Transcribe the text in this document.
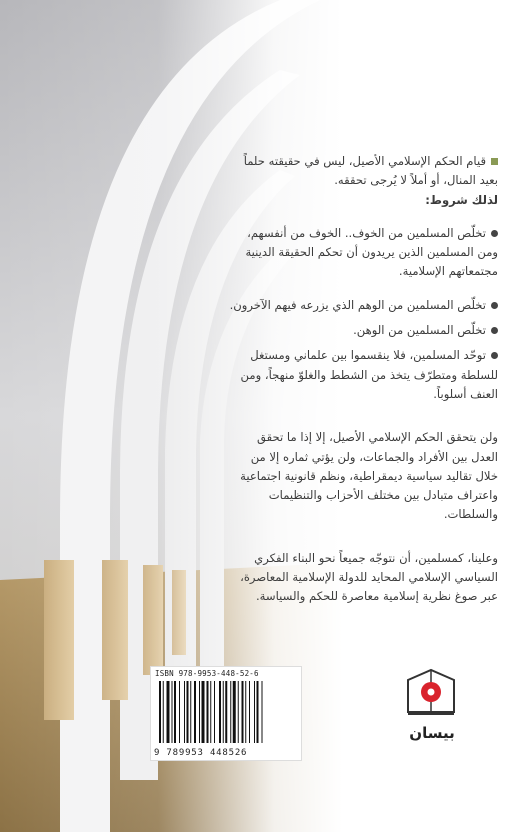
قيام الحكم الإسلامي الأصيل، ليس في حقيقته حلماً

بعيد المنال، أو أملاً لا يُرجى تحققه.

لذلك شروط:

تخلّص المسلمين من الخوف.. الخوف من أنفسهم،

ومن المسلمين الذين يريدون أن تحكم الحقيقة الدينية

مجتمعاتهم الإسلامية.

تخلّص المسلمين من الوهم الذي يزرعه فيهم الآخرون.

تخلّص المسلمين من الوهن.

توحّد المسلمين، فلا ينقسموا بين علماني ومستغل

للسلطة ومتطرّف يتخذ من الشطط والغلوّ منهجاً، ومن

العنف أسلوباً.

ولن يتحقق الحكم الإسلامي الأصيل، إلا إذا ما تحقق

العدل بين الأفراد والجماعات، ولن يؤتي ثماره إلا من

خلال تقاليد سياسية ديمقراطية، ونظم قانونية اجتماعية

واعتراف متبادل بين مختلف الأحزاب والتنظيمات

والسلطات.

وعلينا، كمسلمين، أن نتوجّه جميعاً نحو البناء الفكري

السياسي الإسلامي المحايد للدولة الإسلامية المعاصرة،

عبر صوغ نظرية إسلامية معاصرة للحكم والسياسة.

ISBN 978-9953-448-52-6
9 789953 448526
بيسان
